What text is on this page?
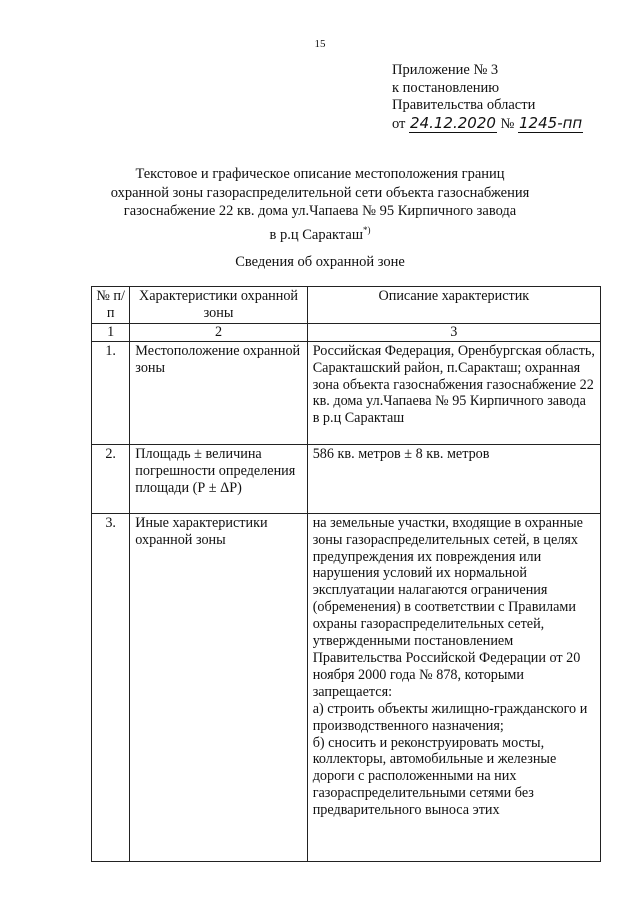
15
Приложение № 3
к постановлению
Правительства области
от 24.12.2020 № 1245-пп
Текстовое и графическое описание местоположения границ
охранной зоны газораспределительной сети объекта газоснабжения
газоснабжение 22 кв. дома ул.Чапаева № 95 Кирпичного завода
в р.ц Саракташ*)
Сведения об охранной зоне
№ п/п	Характеристики охранной зоны	Описание характеристик
1	2	3
1.	Местоположение охранной зоны	Российская Федерация, Оренбургская область, Саракташский район, п.Саракташ; охранная зона объекта газоснабжения газоснабжение 22 кв. дома ул.Чапаева № 95 Кирпичного завода в р.ц Саракташ
2.	Площадь ± величина погрешности определения площади (Р ± ΔР)	586 кв. метров ± 8 кв. метров
3.	Иные характеристики охранной зоны	на земельные участки, входящие в охранные зоны газораспределительных сетей, в целях предупреждения их повреждения или нарушения условий их нормальной эксплуатации налагаются ограничения (обременения) в соответствии с Правилами охраны газораспределительных сетей, утвержденными постановлением Правительства Российской Федерации от 20 ноября 2000 года № 878, которыми запрещается:
а) строить объекты жилищно-гражданского и производственного назначения;
б) сносить и реконструировать мосты, коллекторы, автомобильные и железные дороги с расположенными на них газораспределительными сетями без предварительного выноса этих
